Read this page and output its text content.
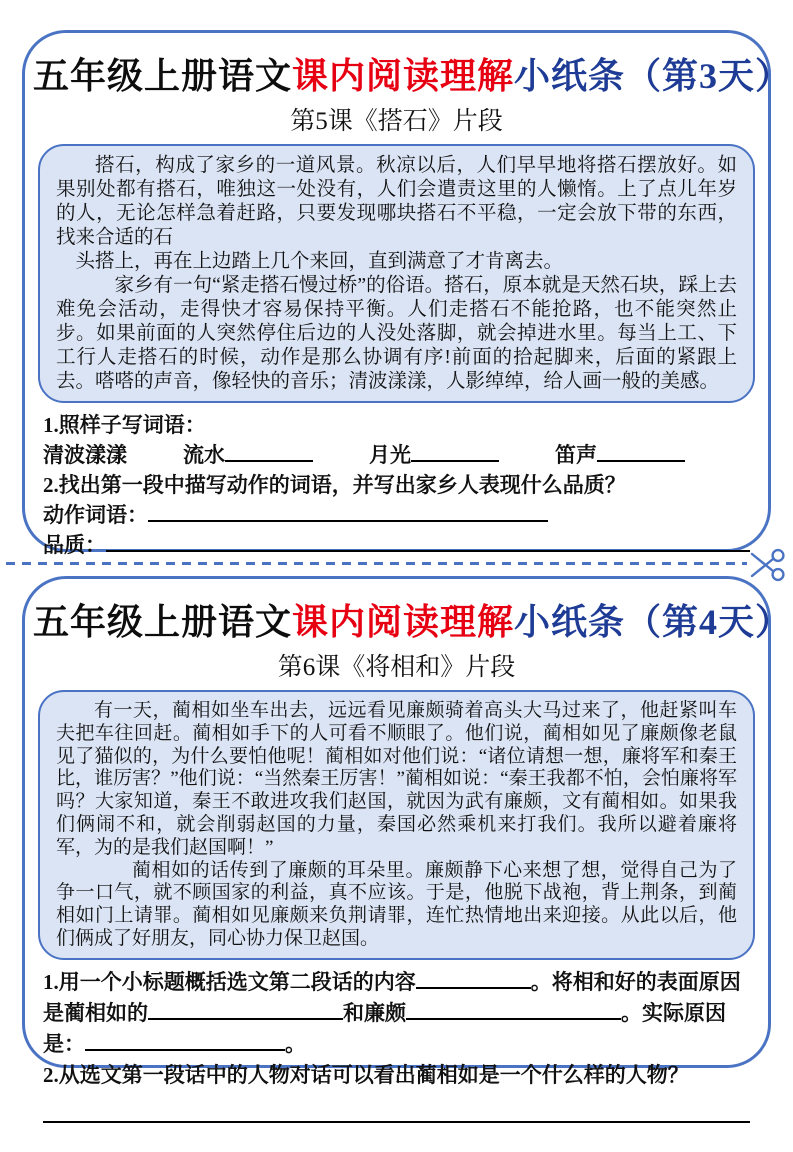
五年级上册语文课内阅读理解小纸条（第3天）
第5课《搭石》片段

搭石，构成了家乡的一道风景。秋凉以后，人们早早地将搭石摆放好。如果别处都有搭石，唯独这一处没有，人们会遣责这里的人懒惰。上了点儿年岁的人，无论怎样急着赶路，只要发现哪块搭石不平稳，一定会放下带的东西，找来合适的石

头搭上，再在上边踏上几个来回，直到满意了才肯离去。

家乡有一句“紧走搭石慢过桥”的俗语。搭石，原本就是天然石块，踩上去难免会活动，走得快才容易保持平衡。人们走搭石不能抢路，也不能突然止步。如果前面的人突然停住后边的人没处落脚，就会掉进水里。每当上工、下工行人走搭石的时候，动作是那么协调有序!前面的拾起脚来，后面的紧跟上去。嗒嗒的声音，像轻快的音乐；清波漾漾，人影绰绰，给人画一般的美感。

1.照样子写词语：

清波漾漾	流水	月光	笛声

2.找出第一段中描写动作的词语，并写出家乡人表现什么品质？

动作词语：
品质：
五年级上册语文课内阅读理解小纸条（第4天）
第6课《将相和》片段

有一天，蔺相如坐车出去，远远看见廉颇骑着高头大马过来了，他赶紧叫车夫把车往回赶。蔺相如手下的人可看不顺眼了。他们说，蔺相如见了廉颇像老鼠见了猫似的，为什么要怕他呢！蔺相如对他们说：“诸位请想一想，廉将军和秦王比，谁厉害？”他们说：“当然秦王厉害！”蔺相如说：“秦王我都不怕，会怕廉将军吗？大家知道，秦王不敢进攻我们赵国，就因为武有廉颇，文有蔺相如。如果我们俩闹不和，就会削弱赵国的力量，秦国必然乘机来打我们。我所以避着廉将军，为的是我们赵国啊！”

蔺相如的话传到了廉颇的耳朵里。廉颇静下心来想了想，觉得自己为了争一口气，就不顾国家的利益，真不应该。于是，他脱下战袍，背上荆条，到蔺相如门上请罪。蔺相如见廉颇来负荆请罪，连忙热情地出来迎接。从此以后，他们俩成了好朋友，同心协力保卫赵国。

1.用一个小标题概括选文第二段话的内容	。将相和好的表面原因是蔺相如的	和廉颇	。实际原因是：	。

2.从选文第一段话中的人物对话可以看出蔺相如是一个什么样的人物？
